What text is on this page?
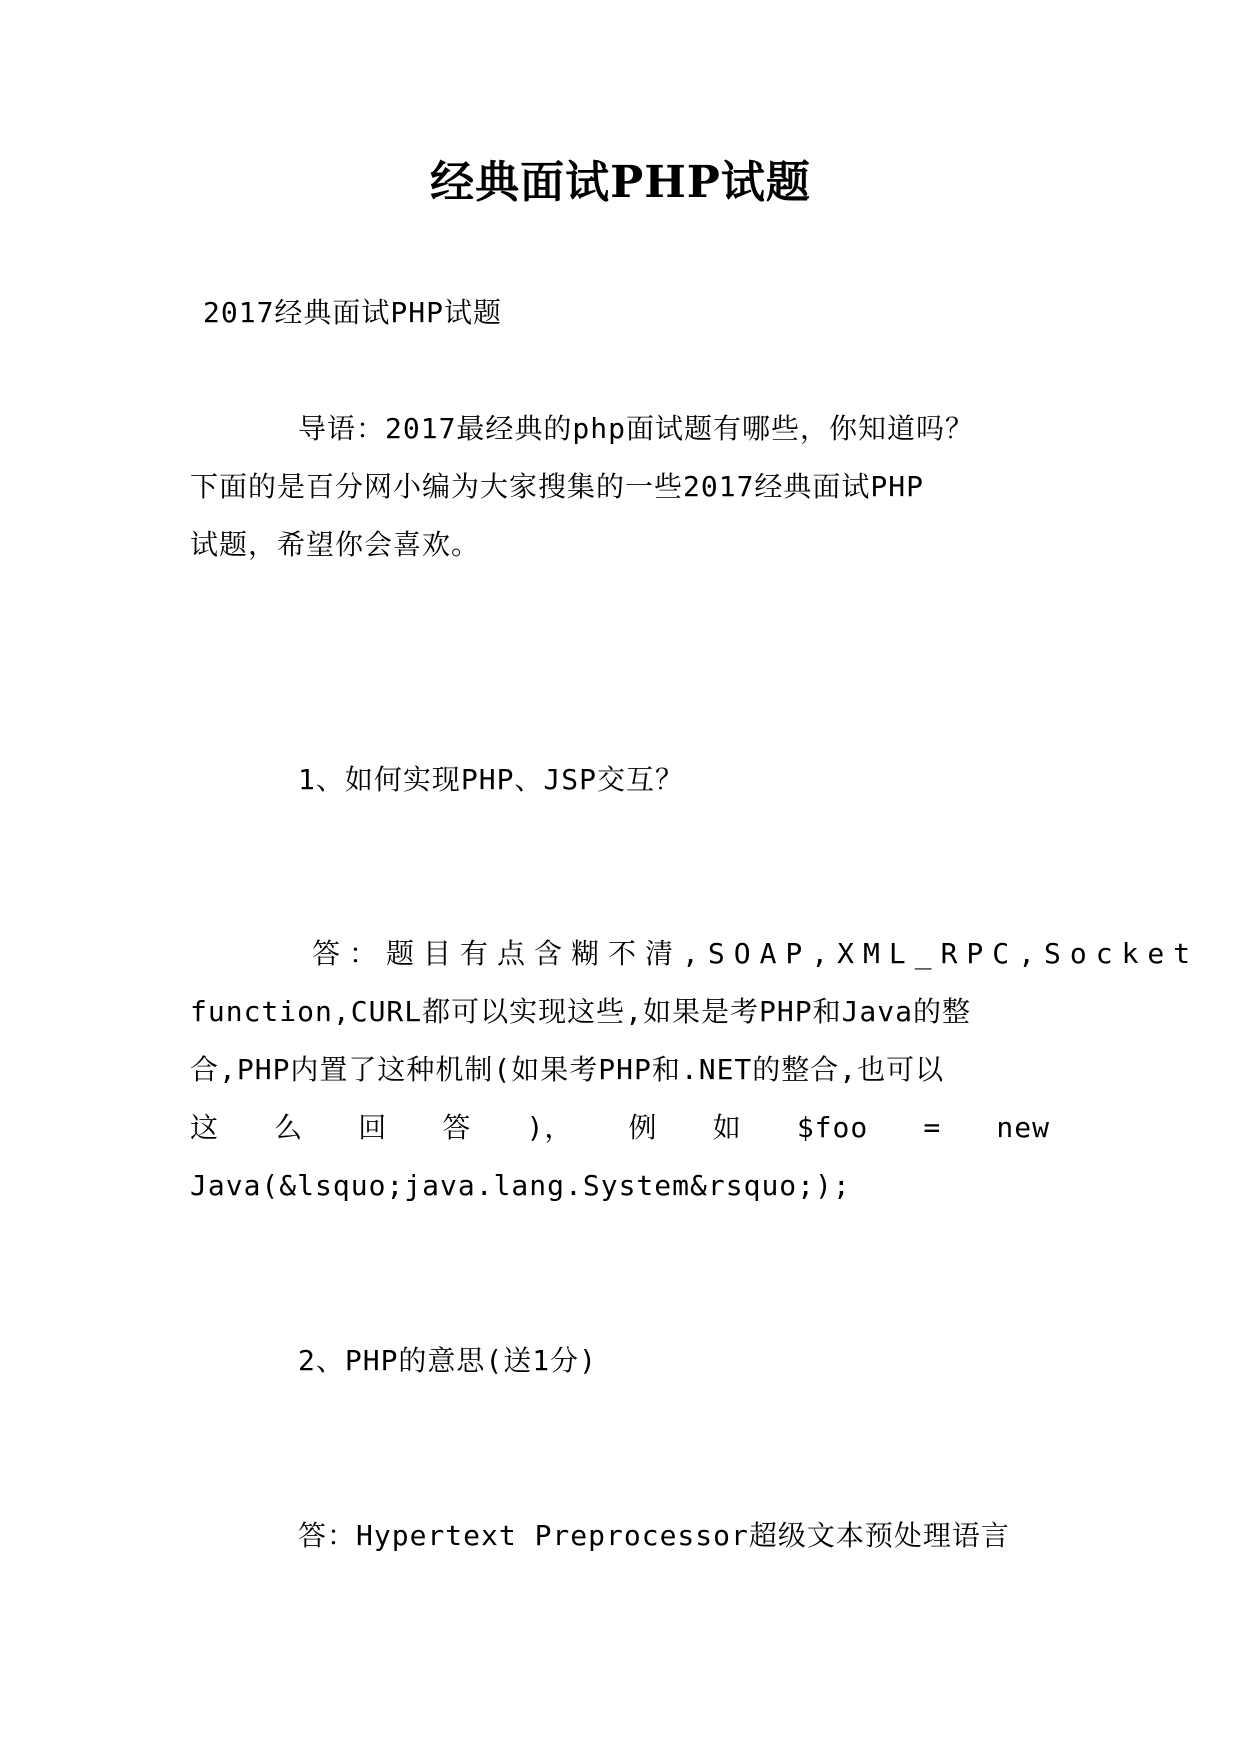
经典面试PHP试题
2017经典面试PHP试题
导语：2017最经典的php面试题有哪些，你知道吗？
下面的是百分网小编为大家搜集的一些2017经典面试PHP
试题，希望你会喜欢。
1、如何实现PHP、JSP交互？
答：题目有点含糊不清,SOAP,XML_RPC,Socket
function,CURL都可以实现这些,如果是考PHP和Java的整
合,PHP内置了这种机制(如果考PHP和.NET的整合,也可以
这 么 回 答 )， 例 如 $foo = new
Java(&lsquo;java.lang.System&rsquo;);
2、PHP的意思(送1分)
答：Hypertext Preprocessor超级文本预处理语言
